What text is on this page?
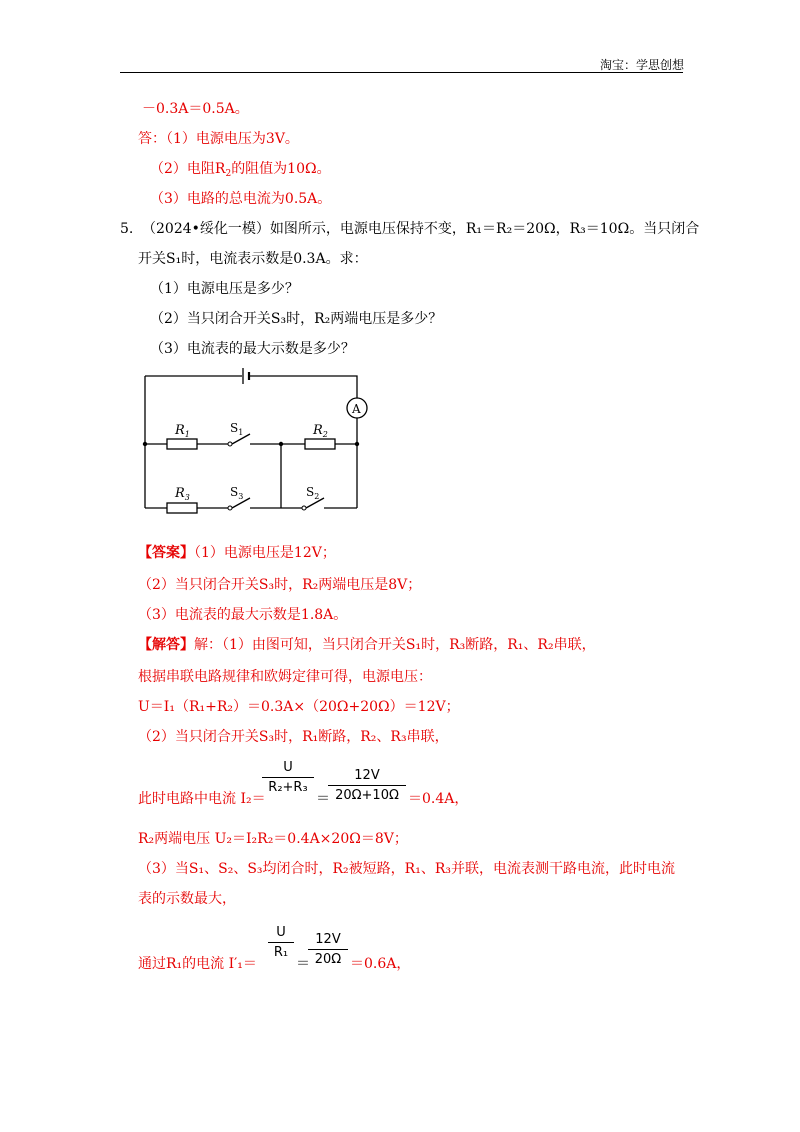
淘宝：学思创想
－0.3A＝0.5A。
答：（1）电源电压为3V。
（2）电阻$R_2$的阻值为10Ω。
（3）电路的总电流为0.5A。
5. （2024•绥化一模）如图所示，电源电压保持不变，R₁＝R₂＝20Ω，R₃＝10Ω。当只闭合
开关S₁时，电流表示数是0.3A。求：
（1）电源电压是多少？
（2）当只闭合开关S₃时，R₂两端电压是多少？
（3）电流表的最大示数是多少？
A
$R_1$	$S_1$	$R_2$
$R_3$	$S_3$	$S_2$
【答案】（1）电源电压是12V；
（2）当只闭合开关S₃时，R₂两端电压是8V；
（3）电流表的最大示数是1.8A。
【解答】解：（1）由图可知，当只闭合开关S₁时，R₃断路，R₁、R₂串联，
根据串联电路规律和欧姆定律可得，电源电压：
U＝I₁（R₁+R₂）＝0.3A×（20Ω+20Ω）＝12V；
（2）当只闭合开关S₃时，R₁断路，R₂、R₃串联，
此时电路中电流 I₂＝
U
R₂+R₃
＝
12V
20Ω+10Ω ＝0.4A，
R₂两端电压 U₂＝I₂R₂＝0.4A×20Ω＝8V；
（3）当S₁、S₂、S₃均闭合时，R₂被短路，R₁、R₃并联，电流表测干路电流，此时电流
表的示数最大，
通过R₁的电流 I′₁＝
U
R₁
＝
12V
20Ω ＝0.6A，
